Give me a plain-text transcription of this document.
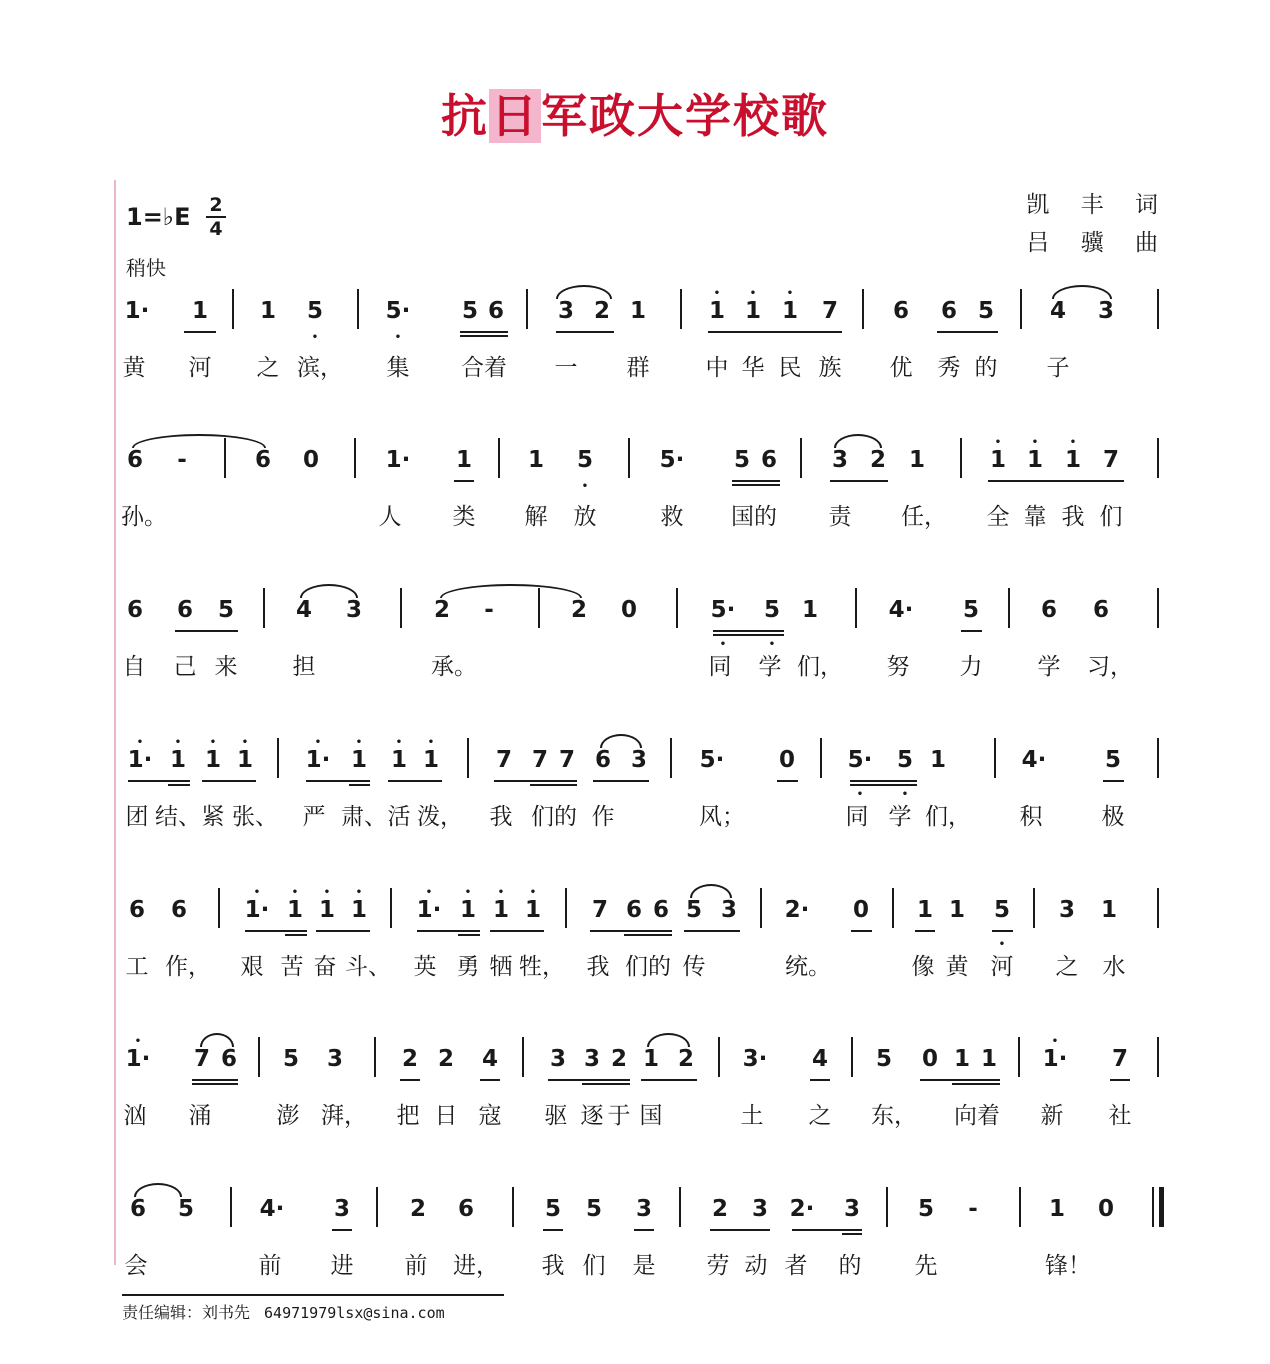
抗日军政大学校歌
1=♭E 2
4
稍快
凯 丰 词
吕 骥 曲
1· 1 1 5
•
5·
•
5 6 3 2 1	1
•
1
•
1
•
7 6 6 5 4 3
黄 河 之 滨， 集 合着 一 群 中 华 民 族 优 秀 的 子
6 -	6 0	1· 1 1 5
•
5· 5 6 3 2 1	1
•
1
•
1
•
7
孙。	人 类 解 放	救 国的 责 任， 全 靠 我 们
6 6 5	4 3	2 -	2 0	5·
•
5
•
1	4· 5	6 6
自 己 来 担	承。	同 学 们， 努 力 学 习，
1·
•
1
•
1
•
1
•
1·
•
1
•
1
•
1
•
7 7 7 6 3 5· 0 5·
•
5
•
1	4·	5
团 结、 紧 张、 严 肃、 活 泼， 我 们的 作	风；	同 学 们， 积	极
6 6	1·
•
1
•
1
•
1
•
1·
•
1
•
1
•
1
•
7 6 6 5 3 2· 0 1 1 5
•
3 1
工 作， 艰 苦 奋 斗、 英 勇 牺 牲， 我 们的 传	统。	像 黄 河 之 水
1·
•
7 6 5 3	2 2 4 3 3 2 1 2 3· 4 5 0 1 1 1·
•
7
汹 涌	澎 湃， 把 日 寇 驱 逐 于 国	土 之 东， 向着 新 社
6 5	4· 3	2 6	5 5 3	2 3 2· 3	5 -	1 0
会	前 进 前 进， 我 们 是 劳 动 者 的 先	锋！
责任编辑：刘书先 64971979lsx@sina.com
